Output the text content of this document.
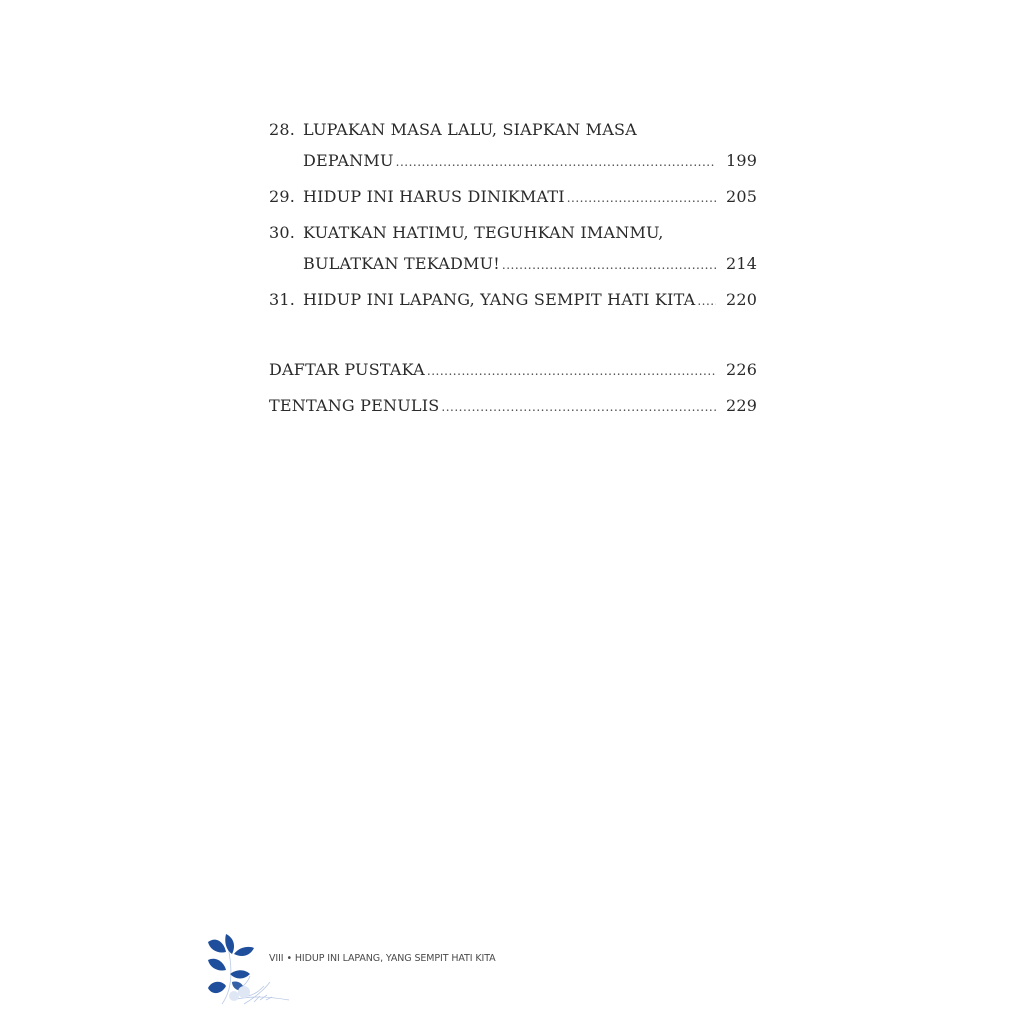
28. LUPAKAN MASA LALU, SIAPKAN MASA
DEPANMU .....	199
29. HIDUP INI HARUS DINIKMATI .....	205
30. KUATKAN HATIMU, TEGUHKAN IMANMU,
BULATKAN TEKADMU! .....	214
31. HIDUP INI LAPANG, YANG SEMPIT HATI KITA ..... 220
DAFTAR PUSTAKA .....	226
TENTANG PENULIS .....	229
VIII • HIDUP INI LAPANG, YANG SEMPIT HATI KITA
